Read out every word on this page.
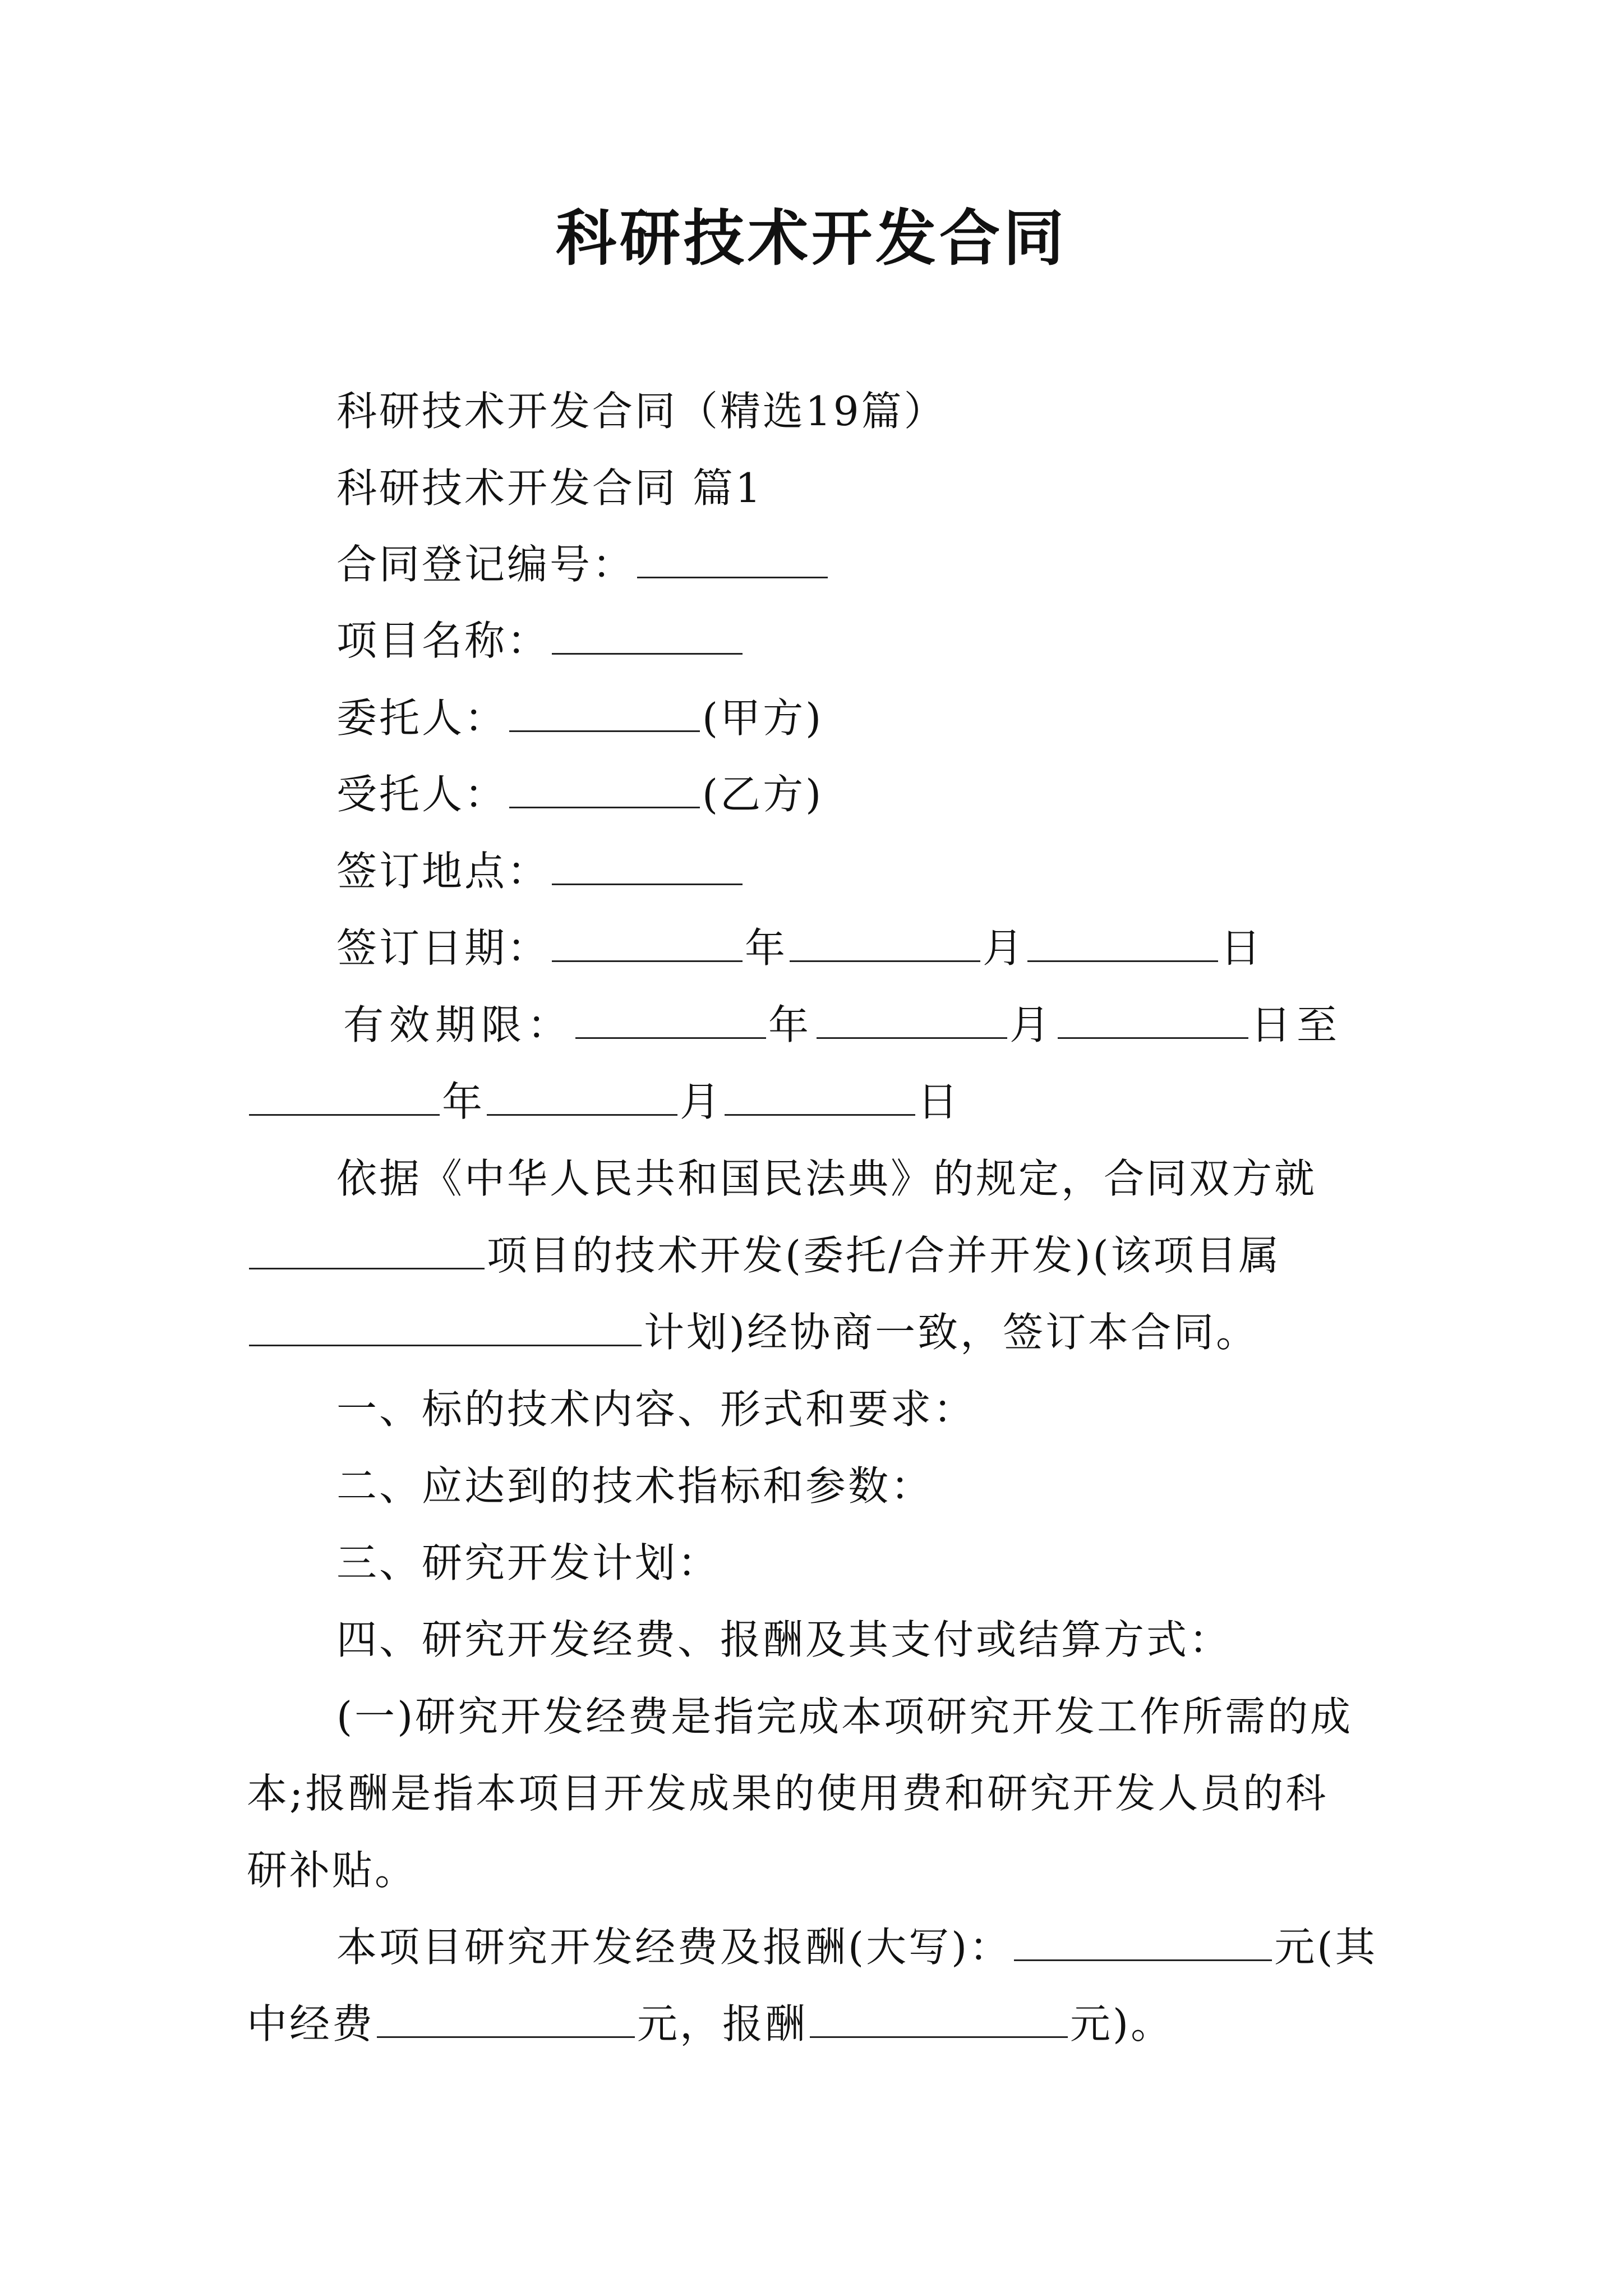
科研技术开发合同
科研技术开发合同（精选19篇）
科研技术开发合同 篇1
合同登记编号：
项目名称：
委托人：	(甲方)
受托人：	(乙方)
签订地点：
签订日期：	年	月	日
有效期限：	年	月	日至
年	月	日
依据《中华人民共和国民法典》的规定，合同双方就
项目的技术开发(委托/合并开发)(该项目属
计划)经协商一致，签订本合同。
一、标的技术内容、形式和要求：
二、应达到的技术指标和参数：
三、研究开发计划：
四、研究开发经费、报酬及其支付或结算方式：
(一)研究开发经费是指完成本项研究开发工作所需的成
本;报酬是指本项目开发成果的使用费和研究开发人员的科
研补贴。
本项目研究开发经费及报酬(大写)：	元(其
中经费	元，报酬	元)。
